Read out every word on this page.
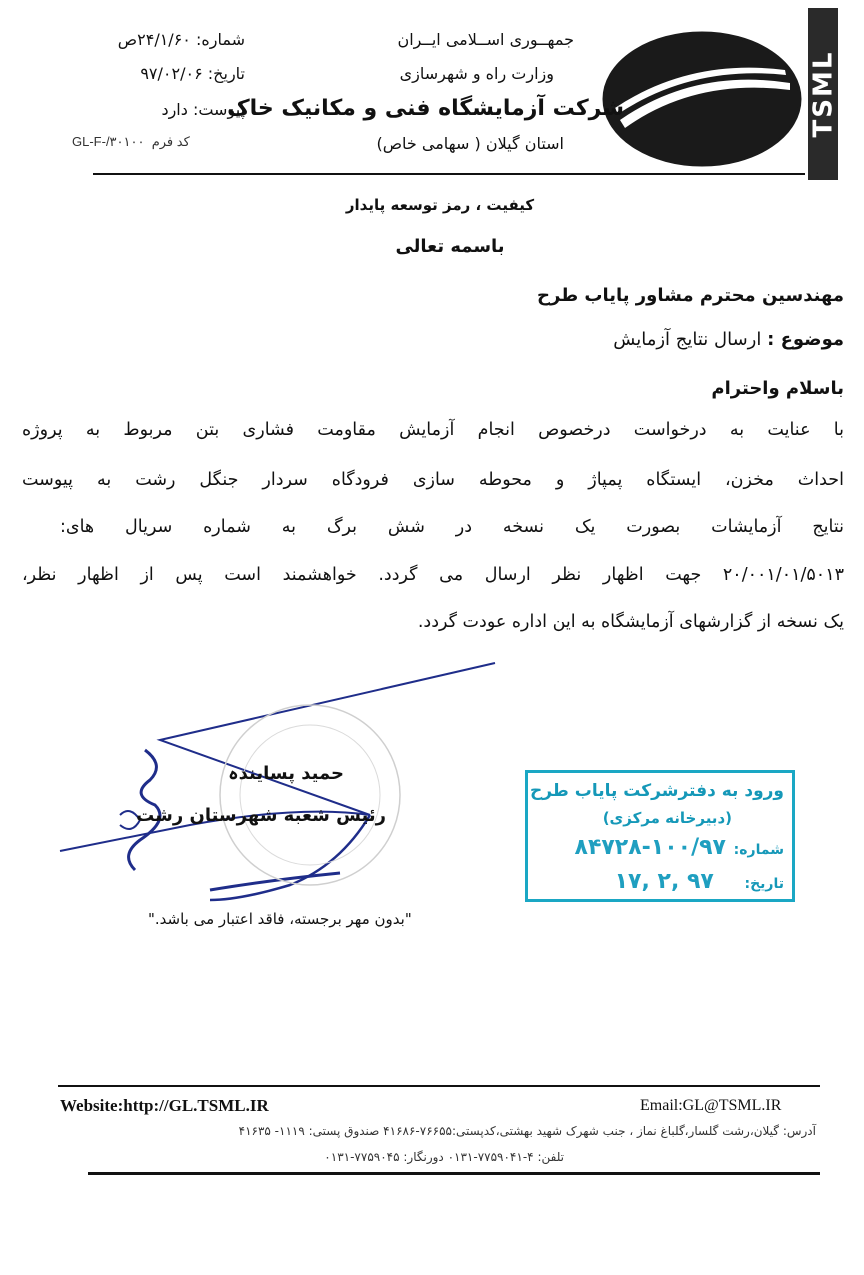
TSML
جمهــوری اســلامی ایــران
وزارت راه و شهرسازی
شرکت آزمایشگاه فنی و مکانیک خاک
استان گیلان ( سهامی خاص)
شماره: ۲۴/۱/۶۰ص
تاریخ: ۹۷/۰۲/۰۶
پیوست: دارد
GL-F-/۳۰۱۰۰ کد فرم
کیفیت ، رمز توسعه پایدار
باسمه تعالی
مهندسین محترم مشاور پایاب طرح
موضوع : ارسال نتایج آزمایش
باسلام واحترام
با عنایت به درخواست درخصوص انجام آزمایش مقاومت فشاری بتن مربوط به پروژه
احداث مخزن، ایستگاه پمپاژ و محوطه سازی فرودگاه سردار جنگل رشت به پیوست
نتایج آزمایشات بصورت یک نسخه در شش برگ به شماره سریال های:
۲۰/۰۰۱/۰۱/۵۰۱۳ جهت اظهار نظر ارسال می گردد. خواهشمند است پس از اظهار نظر،
یک نسخه از گزارشهای آزمایشگاه به این اداره عودت گردد.
حمید پسایندہ
رئیس شعبه شهرستان رشت
"بدون مهر برجسته، فاقد اعتبار می باشد."
ورود به دفترشرکت پایاب طرح
(دبیرخانه مرکزی)
شماره: ۱۰۰/۹۷-۸۴۷۲۸
تاریخ:    ۹۷ ,۲ ,۱۷
Website:http://GL.TSML.IR	Email:GL@TSML.IR
آدرس: گیلان،رشت گلسار،گلباغ نماز ، جنب شهرک شهید بهشتی،کدپستی:۷۶۶۵۵-۴۱۶۸۶ صندوق پستی: ۱۱۱۹- ۴۱۶۳۵
تلفن: ۴-۷۷۵۹۰۴۱-۰۱۳۱ دورنگار: ۷۷۵۹۰۴۵-۰۱۳۱
